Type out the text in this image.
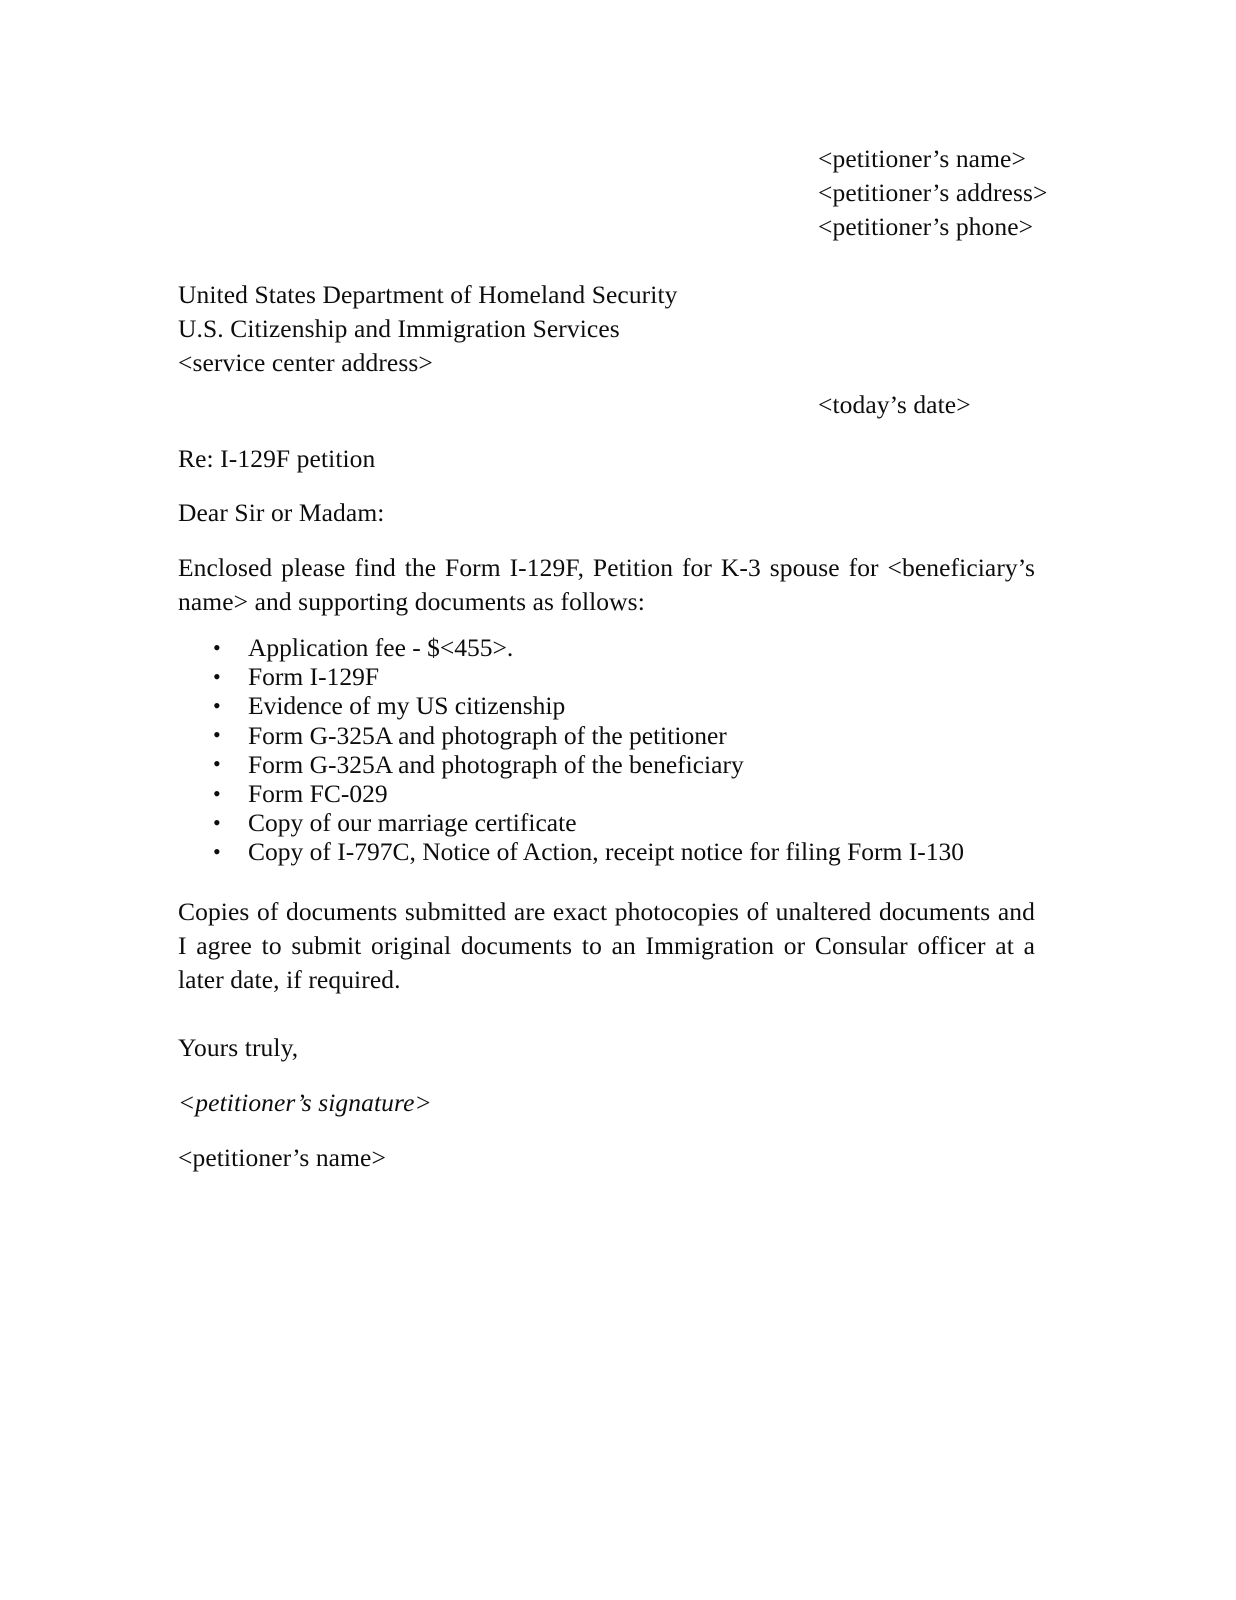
<petitioner’s name>
<petitioner’s address>
<petitioner’s phone>
United States Department of Homeland Security
U.S. Citizenship and Immigration Services
<service center address>
<today’s date>
Re: I-129F petition
Dear Sir or Madam:

Enclosed please find the Form I-129F, Petition for K-3 spouse for <beneficiary’s name> and supporting documents as follows:

• Application fee - $<455>.
• Form I-129F
• Evidence of my US citizenship
• Form G-325A and photograph of the petitioner
• Form G-325A and photograph of the beneficiary
• Form FC-029
• Copy of our marriage certificate
• Copy of I-797C, Notice of Action, receipt notice for filing Form I-130

Copies of documents submitted are exact photocopies of unaltered documents and I agree to submit original documents to an Immigration or Consular officer at a later date, if required.

Yours truly,
<petitioner’s signature>
<petitioner’s name>
